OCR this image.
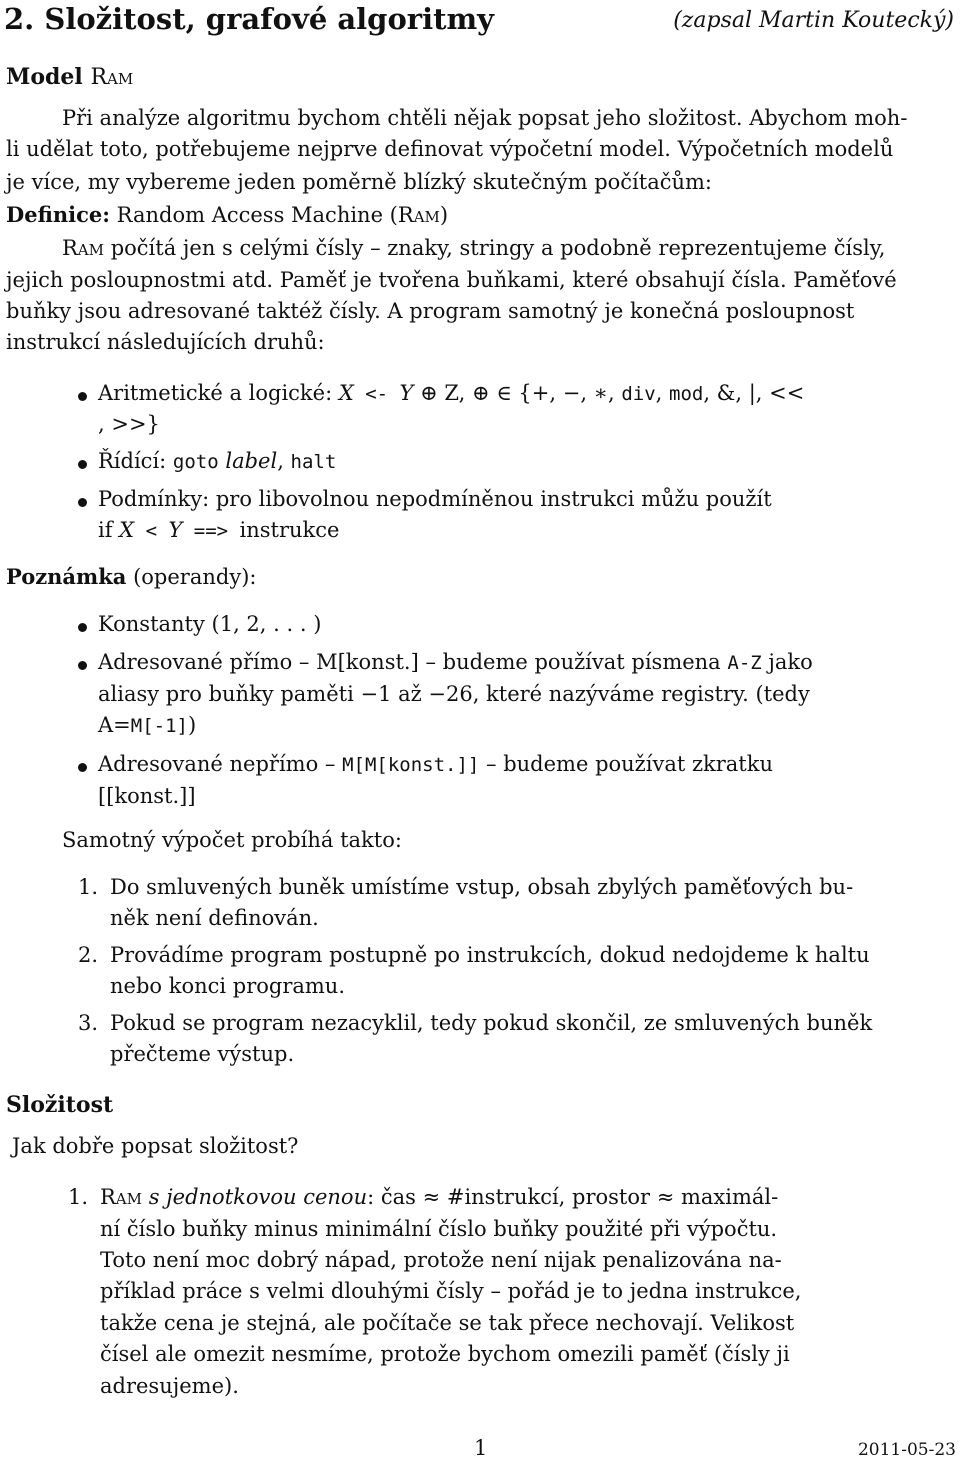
2. Složitost, grafové algoritmy	(zapsal Martin Koutecký)
Model Ram
Při analýze algoritmu bychom chtěli nějak popsat jeho složitost. Abychom moh-
li udělat toto, potřebujeme nejprve definovat výpočetní model. Výpočetních modelů
je více, my vybereme jeden poměrně blízký skutečným počítačům:
Definice: Random Access Machine (Ram)
Ram počítá jen s celými čísly – znaky, stringy a podobně reprezentujeme čísly,
jejich posloupnostmi atd. Paměť je tvořena buňkami, které obsahují čísla. Paměťové
buňky jsou adresované taktéž čísly. A program samotný je konečná posloupnost
instrukcí následujících druhů:
Aritmetické a logické: X <- Y ⊕ Z, ⊕ ∈ {+, −, ∗, div, mod, &, |, <<
, >>}
Řídící: goto label, halt
Podmínky: pro libovolnou nepodmíněnou instrukci můžu použít
if X < Y ==> instrukce
Poznámka (operandy):
Konstanty (1, 2, . . . )
Adresované přímo – M[konst.] – budeme používat písmena A-Z jako
aliasy pro buňky paměti −1 až −26, které nazýváme registry. (tedy
A=M[-1])
Adresované nepřímo – M[M[konst.]] – budeme používat zkratku
[[konst.]]
Samotný výpočet probíhá takto:
1. Do smluvených buněk umístíme vstup, obsah zbylých paměťových bu-
něk není definován.
2. Provádíme program postupně po instrukcích, dokud nedojdeme k haltu
nebo konci programu.
3. Pokud se program nezacyklil, tedy pokud skončil, ze smluvených buněk
přečteme výstup.
Složitost
Jak dobře popsat složitost?
1. Ram s jednotkovou cenou: čas ≈ #instrukcí, prostor ≈ maximál-
ní číslo buňky minus minimální číslo buňky použité při výpočtu.
Toto není moc dobrý nápad, protože není nijak penalizována na-
příklad práce s velmi dlouhými čísly – pořád je to jedna instrukce,
takže cena je stejná, ale počítače se tak přece nechovají. Velikost
čísel ale omezit nesmíme, protože bychom omezili paměť (čísly ji
adresujeme).
1	2011-05-23
